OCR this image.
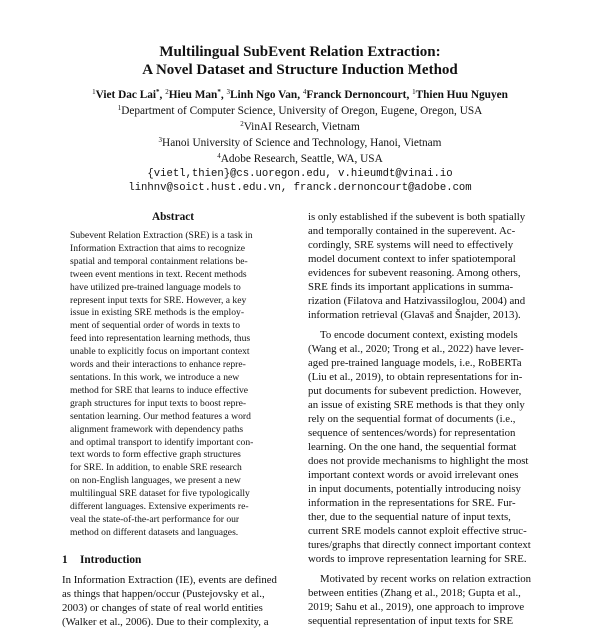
Multilingual SubEvent Relation Extraction:
A Novel Dataset and Structure Induction Method
$^1$Viet Dac Lai*, $^2$Hieu Man*, $^3$Linh Ngo Van, $^4$Franck Dernoncourt, $^1$Thien Huu Nguyen
$^1$Department of Computer Science, University of Oregon, Eugene, Oregon, USA
$^2$VinAI Research, Vietnam
$^3$Hanoi University of Science and Technology, Hanoi, Vietnam
$^4$Adobe Research, Seattle, WA, USA
{vietl,thien}@cs.uoregon.edu, v.hieumdt@vinai.io
linhnv@soict.hust.edu.vn, franck.dernoncourt@adobe.com
Abstract
Subevent Relation Extraction (SRE) is a task in
Information Extraction that aims to recognize
spatial and temporal containment relations be-
tween event mentions in text. Recent methods
have utilized pre-trained language models to
represent input texts for SRE. However, a key
issue in existing SRE methods is the employ-
ment of sequential order of words in texts to
feed into representation learning methods, thus
unable to explicitly focus on important context
words and their interactions to enhance repre-
sentations. In this work, we introduce a new
method for SRE that learns to induce effective
graph structures for input texts to boost repre-
sentation learning. Our method features a word
alignment framework with dependency paths
and optimal transport to identify important con-
text words to form effective graph structures
for SRE. In addition, to enable SRE research
on non-English languages, we present a new
multilingual SRE dataset for five typologically
different languages. Extensive experiments re-
veal the state-of-the-art performance for our
method on different datasets and languages.
1 Introduction
In Information Extraction (IE), events are defined
as things that happen/occur (Pustejovsky et al.,
2003) or changes of state of real world entities
(Walker et al., 2006). Due to their complexity, a
is only established if the subevent is both spatially
and temporally contained in the superevent. Ac-
cordingly, SRE systems will need to effectively
model document context to infer spatiotemporal
evidences for subevent reasoning. Among others,
SRE finds its important applications in summa-
rization (Filatova and Hatzivassiloglou, 2004) and
information retrieval (Glavaš and Šnajder, 2013).
To encode document context, existing models
(Wang et al., 2020; Trong et al., 2022) have lever-
aged pre-trained language models, i.e., RoBERTa
(Liu et al., 2019), to obtain representations for in-
put documents for subevent prediction. However,
an issue of existing SRE methods is that they only
rely on the sequential format of documents (i.e.,
sequence of sentences/words) for representation
learning. On the one hand, the sequential format
does not provide mechanisms to highlight the most
important context words or avoid irrelevant ones
in input documents, potentially introducing noisy
information in the representations for SRE. Fur-
ther, due to the sequential nature of input texts,
current SRE models cannot exploit effective struc-
tures/graphs that directly connect important context
words to improve representation learning for SRE.
Motivated by recent works on relation extraction
between entities (Zhang et al., 2018; Gupta et al.,
2019; Sahu et al., 2019), one approach to improve
sequential representation of input texts for SRE
